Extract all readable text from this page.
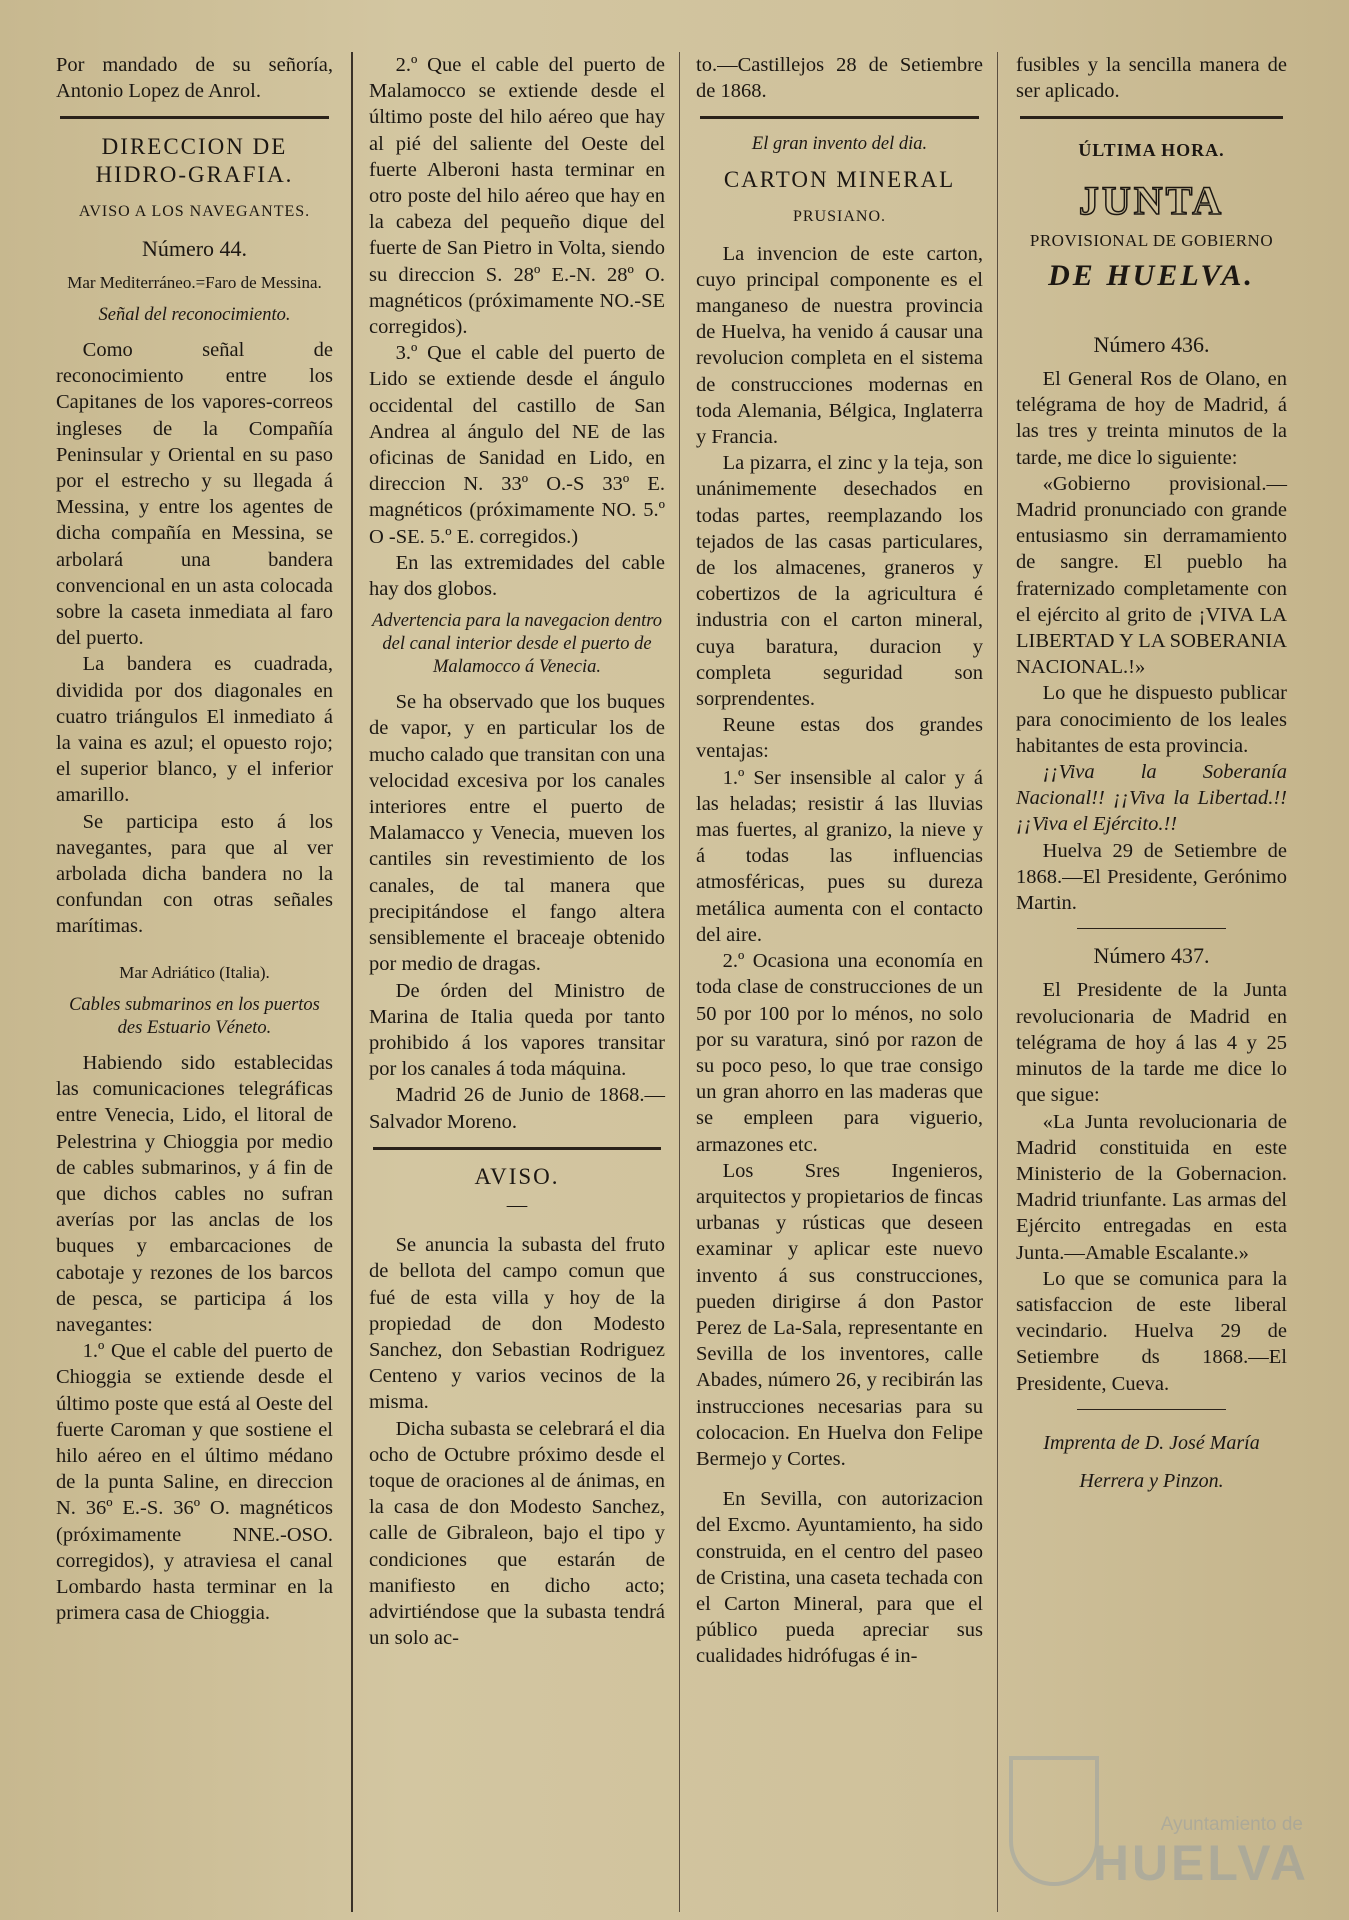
Por mandado de su señoría, Antonio Lopez de Anrol.

DIRECCION DE HIDRO-GRAFIA.
AVISO A LOS NAVEGANTES.
Número 44.
Mar Mediterráneo.=Faro de Messina.
Señal del reconocimiento.

Como señal de reconocimiento entre los Capitanes de los vapores-correos ingleses de la Compañía Peninsular y Oriental en su paso por el estrecho y su llegada á Messina, y entre los agentes de dicha compañía en Messina, se arbolará una bandera convencional en un asta colocada sobre la caseta inmediata al faro del puerto.

La bandera es cuadrada, dividida por dos diagonales en cuatro triángulos El inmediato á la vaina es azul; el opuesto rojo; el superior blanco, y el inferior amarillo.

Se participa esto á los navegantes, para que al ver arbolada dicha bandera no la confundan con otras señales marítimas.

Mar Adriático (Italia).
Cables submarinos en los puertos des Estuario Véneto.

Habiendo sido establecidas las comunicaciones telegráficas entre Venecia, Lido, el litoral de Pelestrina y Chioggia por medio de cables submarinos, y á fin de que dichos cables no sufran averías por las anclas de los buques y embarcaciones de cabotaje y rezones de los barcos de pesca, se participa á los navegantes:

1.º Que el cable del puerto de Chioggia se extiende desde el último poste que está al Oeste del fuerte Caroman y que sostiene el hilo aéreo en el último médano de la punta Saline, en direccion N. 36º E.-S. 36º O. magnéticos (próximamente NNE.-OSO. corregidos), y atraviesa el canal Lombardo hasta terminar en la primera casa de Chioggia.

2.º Que el cable del puerto de Malamocco se extiende desde el último poste del hilo aéreo que hay al pié del saliente del Oeste del fuerte Alberoni hasta terminar en otro poste del hilo aéreo que hay en la cabeza del pequeño dique del fuerte de San Pietro in Volta, siendo su direccion S. 28º E.-N. 28º O. magnéticos (próximamente NO.-SE corregidos).

3.º Que el cable del puerto de Lido se extiende desde el ángulo occidental del castillo de San Andrea al ángulo del NE de las oficinas de Sanidad en Lido, en direccion N. 33º O.-S 33º E. magnéticos (próximamente NO. 5.º O -SE. 5.º E. corregidos.)

En las extremidades del cable hay dos globos.

Advertencia para la navegacion dentro del canal interior desde el puerto de Malamocco á Venecia.

Se ha observado que los buques de vapor, y en particular los de mucho calado que transitan con una velocidad excesiva por los canales interiores entre el puerto de Malamacco y Venecia, mueven los cantiles sin revestimiento de los canales, de tal manera que precipitándose el fango altera sensiblemente el braceaje obtenido por medio de dragas.

De órden del Ministro de Marina de Italia queda por tanto prohibido á los vapores transitar por los canales á toda máquina.

Madrid 26 de Junio de 1868.—Salvador Moreno.

AVISO.
—

Se anuncia la subasta del fruto de bellota del campo comun que fué de esta villa y hoy de la propiedad de don Modesto Sanchez, don Sebastian Rodriguez Centeno y varios vecinos de la misma.

Dicha subasta se celebrará el dia ocho de Octubre próximo desde el toque de oraciones al de ánimas, en la casa de don Modesto Sanchez, calle de Gibraleon, bajo el tipo y condiciones que estarán de manifiesto en dicho acto; advirtiéndose que la subasta tendrá un solo ac-

to.—Castillejos 28 de Setiembre de 1868.

El gran invento del dia.
CARTON MINERAL
PRUSIANO.

La invencion de este carton, cuyo principal componente es el manganeso de nuestra provincia de Huelva, ha venido á causar una revolucion completa en el sistema de construcciones modernas en toda Alemania, Bélgica, Inglaterra y Francia.

La pizarra, el zinc y la teja, son unánimemente desechados en todas partes, reemplazando los tejados de las casas particulares, de los almacenes, graneros y cobertizos de la agricultura é industria con el carton mineral, cuya baratura, duracion y completa seguridad son sorprendentes.

Reune estas dos grandes ventajas:

1.º Ser insensible al calor y á las heladas; resistir á las lluvias mas fuertes, al granizo, la nieve y á todas las influencias atmosféricas, pues su dureza metálica aumenta con el contacto del aire.

2.º Ocasiona una economía en toda clase de construcciones de un 50 por 100 por lo ménos, no solo por su varatura, sinó por razon de su poco peso, lo que trae consigo un gran ahorro en las maderas que se empleen para viguerio, armazones etc.

Los Sres Ingenieros, arquitectos y propietarios de fincas urbanas y rústicas que deseen examinar y aplicar este nuevo invento á sus construcciones, pueden dirigirse á don Pastor Perez de La-Sala, representante en Sevilla de los inventores, calle Abades, número 26, y recibirán las instrucciones necesarias para su colocacion. En Huelva don Felipe Bermejo y Cortes.

En Sevilla, con autorizacion del Excmo. Ayuntamiento, ha sido construida, en el centro del paseo de Cristina, una caseta techada con el Carton Mineral, para que el público pueda apreciar sus cualidades hidrófugas é in-

fusibles y la sencilla manera de ser aplicado.

ÚLTIMA HORA.
JUNTA
PROVISIONAL DE GOBIERNO
DE HUELVA.
Número 436.

El General Ros de Olano, en telégrama de hoy de Madrid, á las tres y treinta minutos de la tarde, me dice lo siguiente:

«Gobierno provisional.—Madrid pronunciado con grande entusiasmo sin derramamiento de sangre. El pueblo ha fraternizado completamente con el ejército al grito de ¡VIVA LA LIBERTAD Y LA SOBERANIA NACIONAL.!»

Lo que he dispuesto publicar para conocimiento de los leales habitantes de esta provincia.

¡¡Viva la Soberanía Nacional!! ¡¡Viva la Libertad.!! ¡¡Viva el Ejército.!!

Huelva 29 de Setiembre de 1868.—El Presidente, Gerónimo Martin.

Número 437.

El Presidente de la Junta revolucionaria de Madrid en telégrama de hoy á las 4 y 25 minutos de la tarde me dice lo que sigue:

«La Junta revolucionaria de Madrid constituida en este Ministerio de la Gobernacion. Madrid triunfante. Las armas del Ejército entregadas en esta Junta.—Amable Escalante.»

Lo que se comunica para la satisfaccion de este liberal vecindario. Huelva 29 de Setiembre ds 1868.—El Presidente, Cueva.

Imprenta de D. José María Herrera y Pinzon.
Ayuntamiento de
HUELVA
